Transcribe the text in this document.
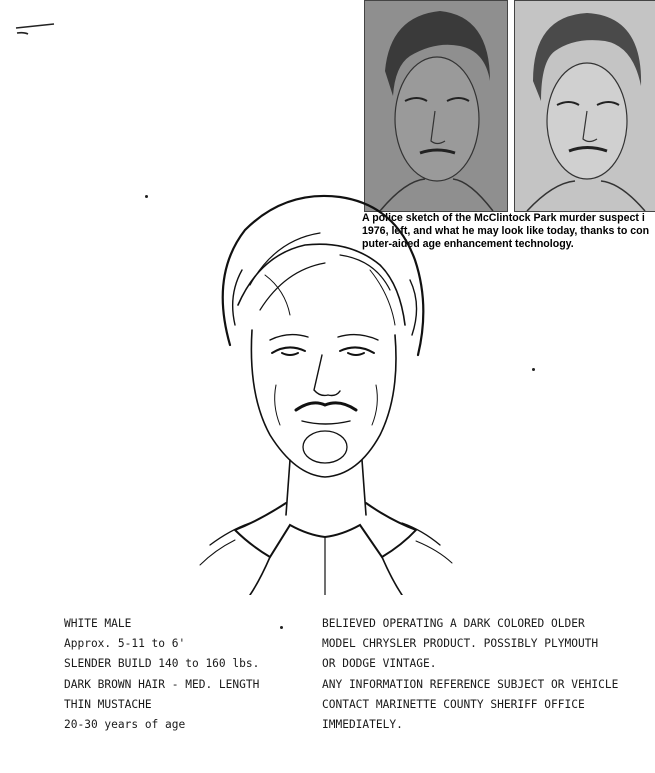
A police sketch of the McClintock Park murder suspect i
1976, left, and what he may look like today, thanks to con
puter-aided age enhancement technology.
WHITE MALE
Approx. 5-11 to 6'
SLENDER BUILD 140 to 160 lbs.
DARK BROWN HAIR - MED. LENGTH
THIN MUSTACHE
20-30 years of age
BELIEVED OPERATING A DARK COLORED OLDER
MODEL CHRYSLER PRODUCT. POSSIBLY PLYMOUTH
OR DODGE VINTAGE.
ANY INFORMATION REFERENCE SUBJECT OR VEHICLE
CONTACT MARINETTE COUNTY SHERIFF OFFICE
IMMEDIATELY.
